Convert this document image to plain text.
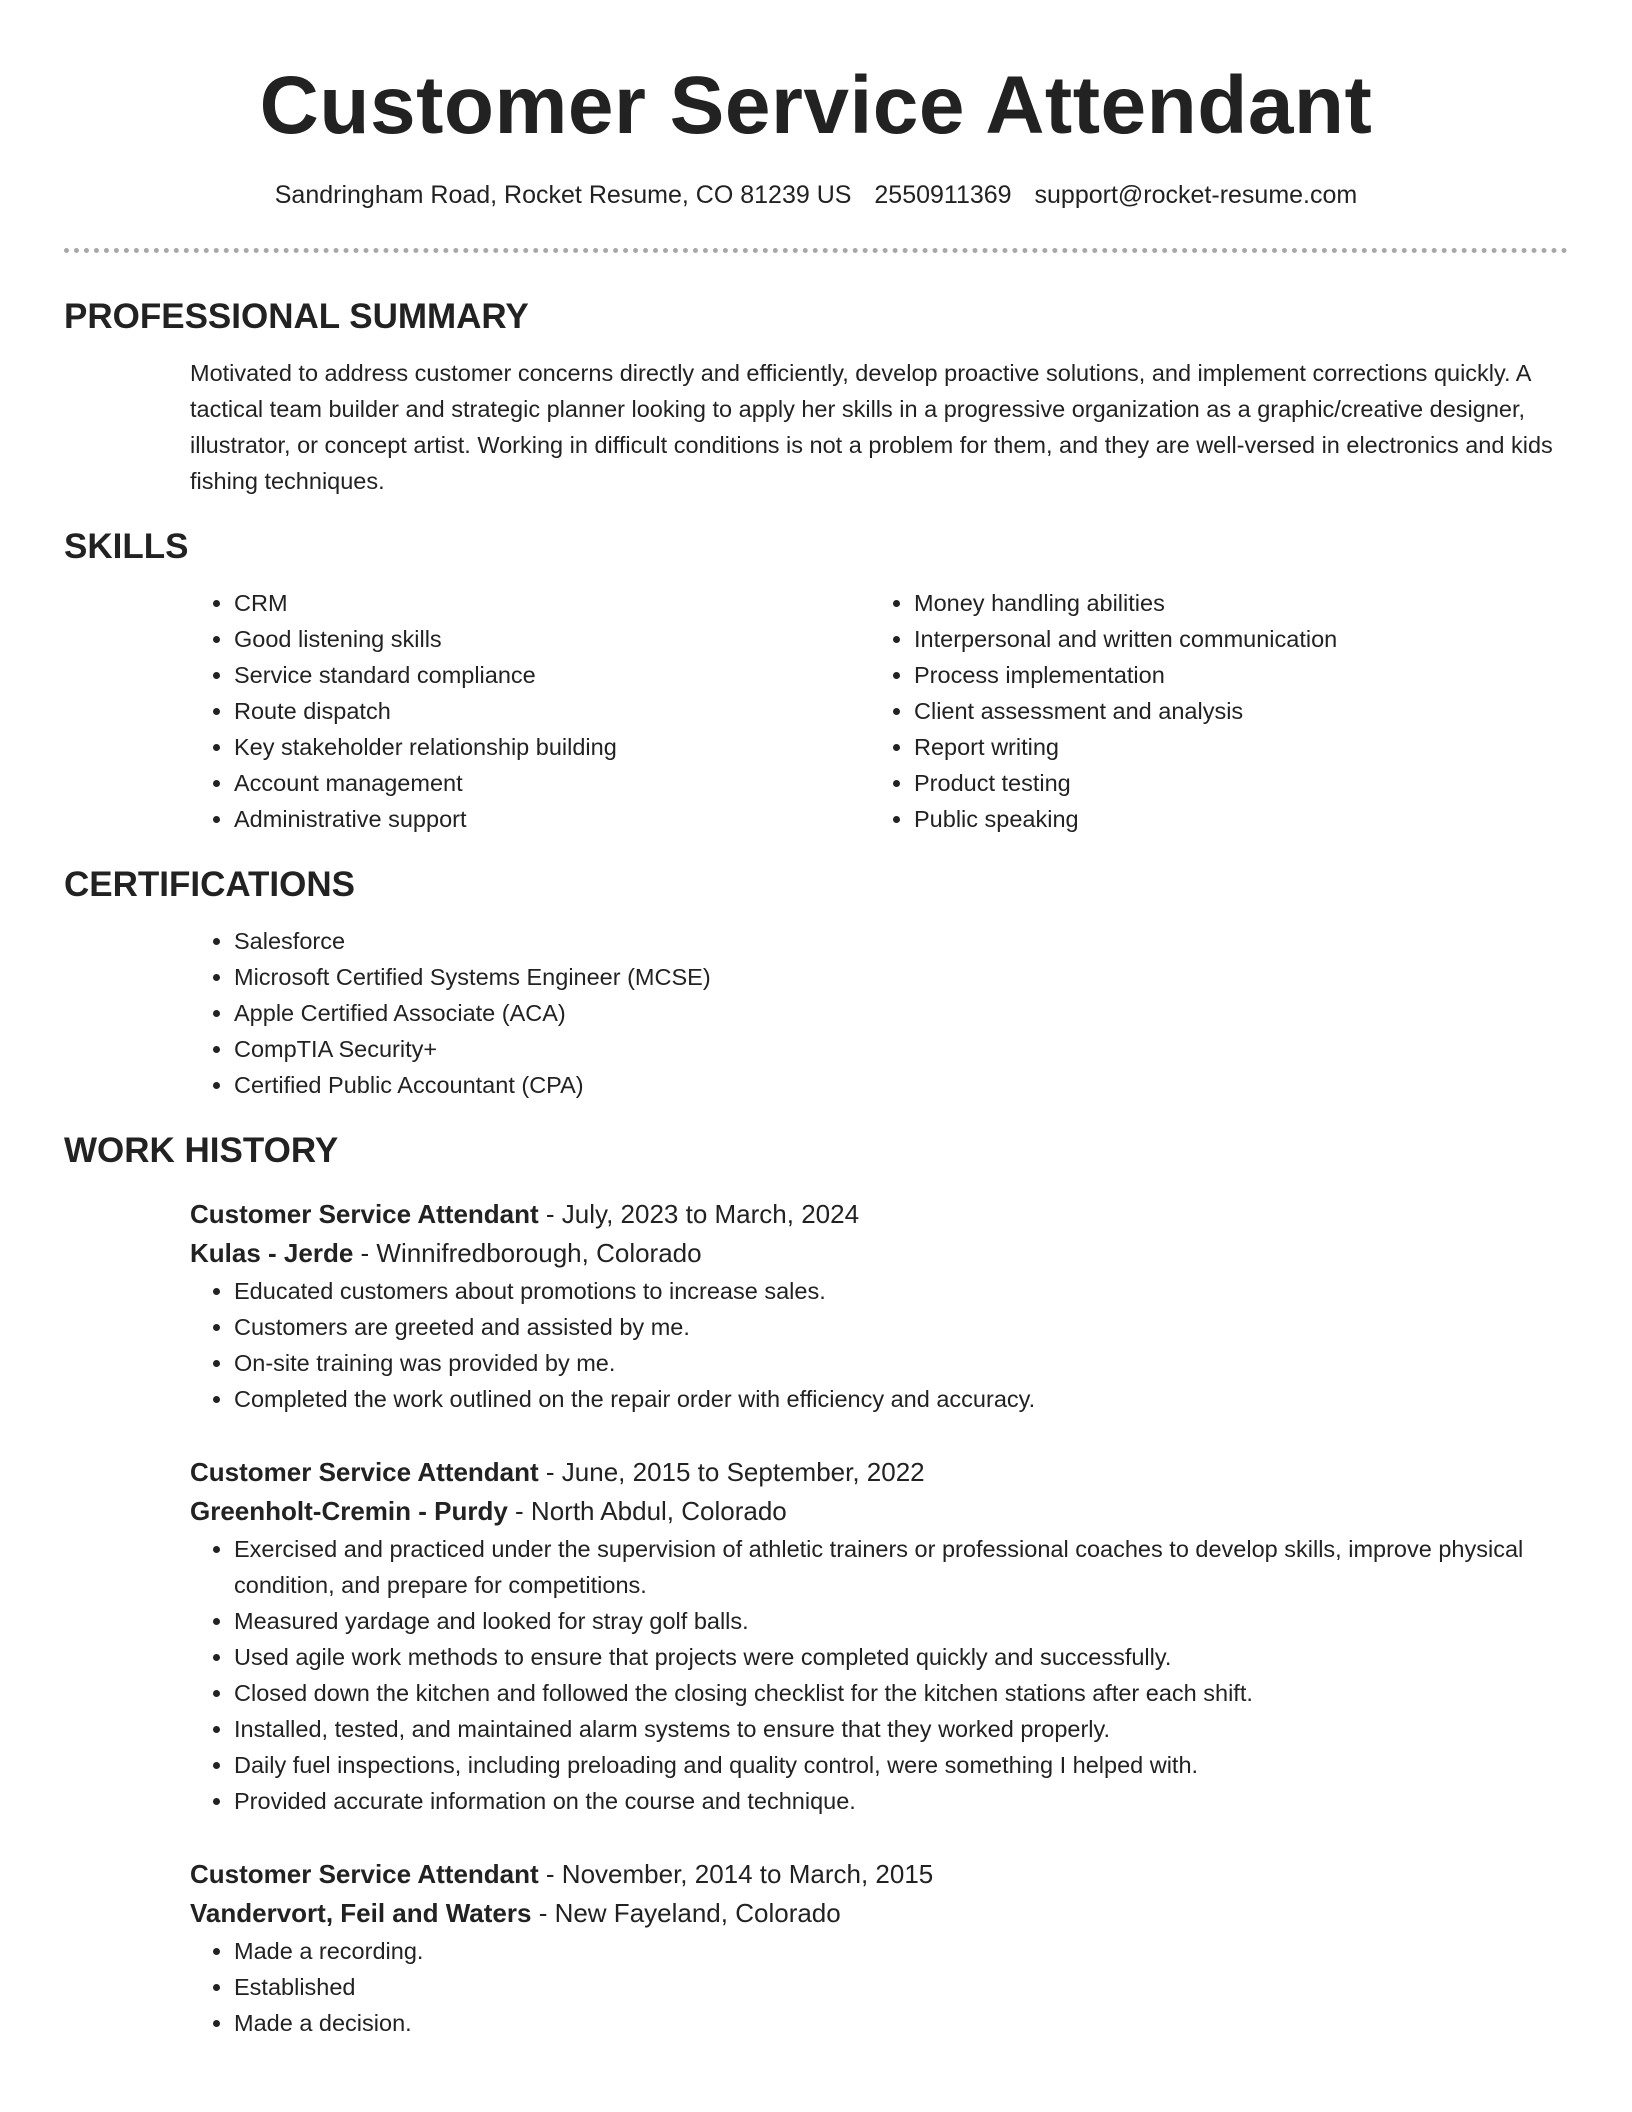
Customer Service Attendant
Sandringham Road, Rocket Resume, CO 81239 US 2550911369 support@rocket-resume.com
PROFESSIONAL SUMMARY
Motivated to address customer concerns directly and efficiently, develop proactive solutions, and implement corrections quickly. A tactical team builder and strategic planner looking to apply her skills in a progressive organization as a graphic/creative designer, illustrator, or concept artist. Working in difficult conditions is not a problem for them, and they are well-versed in electronics and kids fishing techniques.
SKILLS
• CRM
• Good listening skills
• Service standard compliance
• Route dispatch
• Key stakeholder relationship building
• Account management
• Administrative support
• Money handling abilities
• Interpersonal and written communication
• Process implementation
• Client assessment and analysis
• Report writing
• Product testing
• Public speaking
CERTIFICATIONS
• Salesforce
• Microsoft Certified Systems Engineer (MCSE)
• Apple Certified Associate (ACA)
• CompTIA Security+
• Certified Public Accountant (CPA)
WORK HISTORY
Customer Service Attendant - July, 2023 to March, 2024
Kulas - Jerde - Winnifredborough, Colorado
• Educated customers about promotions to increase sales.
• Customers are greeted and assisted by me.
• On-site training was provided by me.
• Completed the work outlined on the repair order with efficiency and accuracy.
Customer Service Attendant - June, 2015 to September, 2022
Greenholt-Cremin - Purdy - North Abdul, Colorado
• Exercised and practiced under the supervision of athletic trainers or professional coaches to develop skills, improve physical condition, and prepare for competitions.
• Measured yardage and looked for stray golf balls.
• Used agile work methods to ensure that projects were completed quickly and successfully.
• Closed down the kitchen and followed the closing checklist for the kitchen stations after each shift.
• Installed, tested, and maintained alarm systems to ensure that they worked properly.
• Daily fuel inspections, including preloading and quality control, were something I helped with.
• Provided accurate information on the course and technique.
Customer Service Attendant - November, 2014 to March, 2015
Vandervort, Feil and Waters - New Fayeland, Colorado
• Made a recording.
• Established
• Made a decision.
